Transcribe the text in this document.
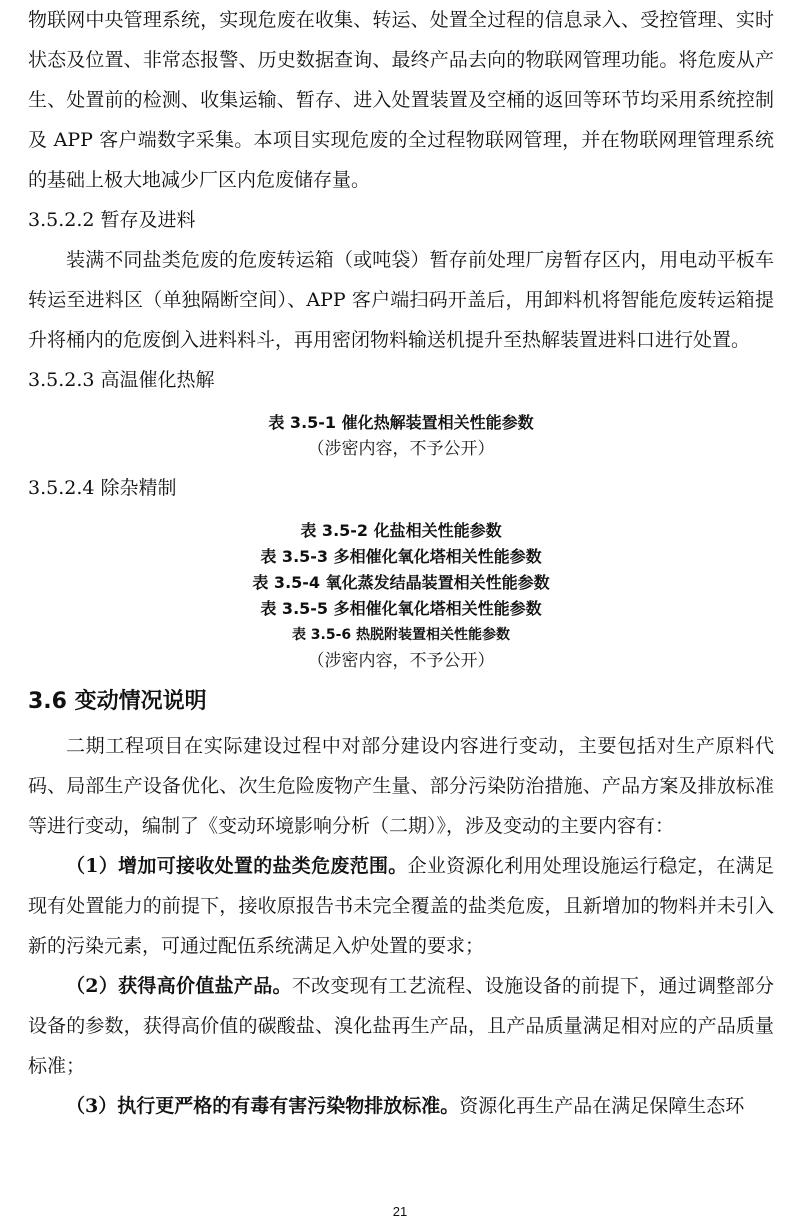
物联网中央管理系统，实现危废在收集、转运、处置全过程的信息录入、受控管理、实时状态及位置、非常态报警、历史数据查询、最终产品去向的物联网管理功能。将危废从产生、处置前的检测、收集运输、暂存、进入处置装置及空桶的返回等环节均采用系统控制及 APP 客户端数字采集。本项目实现危废的全过程物联网管理，并在物联网理管理系统的基础上极大地减少厂区内危废储存量。

3.5.2.2 暂存及进料

装满不同盐类危废的危废转运箱（或吨袋）暂存前处理厂房暂存区内，用电动平板车转运至进料区（单独隔断空间）、APP 客户端扫码开盖后，用卸料机将智能危废转运箱提升将桶内的危废倒入进料料斗，再用密闭物料输送机提升至热解装置进料口进行处置。

3.5.2.3 高温催化热解

表 3.5-1 催化热解装置相关性能参数

（涉密内容，不予公开）

3.5.2.4 除杂精制

表 3.5-2 化盐相关性能参数

表 3.5-3 多相催化氧化塔相关性能参数

表 3.5-4 氧化蒸发结晶装置相关性能参数

表 3.5-5 多相催化氧化塔相关性能参数

表 3.5-6 热脱附装置相关性能参数

（涉密内容，不予公开）

3.6 变动情况说明

二期工程项目在实际建设过程中对部分建设内容进行变动，主要包括对生产原料代码、局部生产设备优化、次生危险废物产生量、部分污染防治措施、产品方案及排放标准等进行变动，编制了《变动环境影响分析（二期）》，涉及变动的主要内容有：

（1）增加可接收处置的盐类危废范围。企业资源化利用处理设施运行稳定，在满足现有处置能力的前提下，接收原报告书未完全覆盖的盐类危废，且新增加的物料并未引入新的污染元素，可通过配伍系统满足入炉处置的要求；

（2）获得高价值盐产品。不改变现有工艺流程、设施设备的前提下，通过调整部分设备的参数，获得高价值的碳酸盐、溴化盐再生产品，且产品质量满足相对应的产品质量标准；

（3）执行更严格的有毒有害污染物排放标准。资源化再生产品在满足保障生态环

21
